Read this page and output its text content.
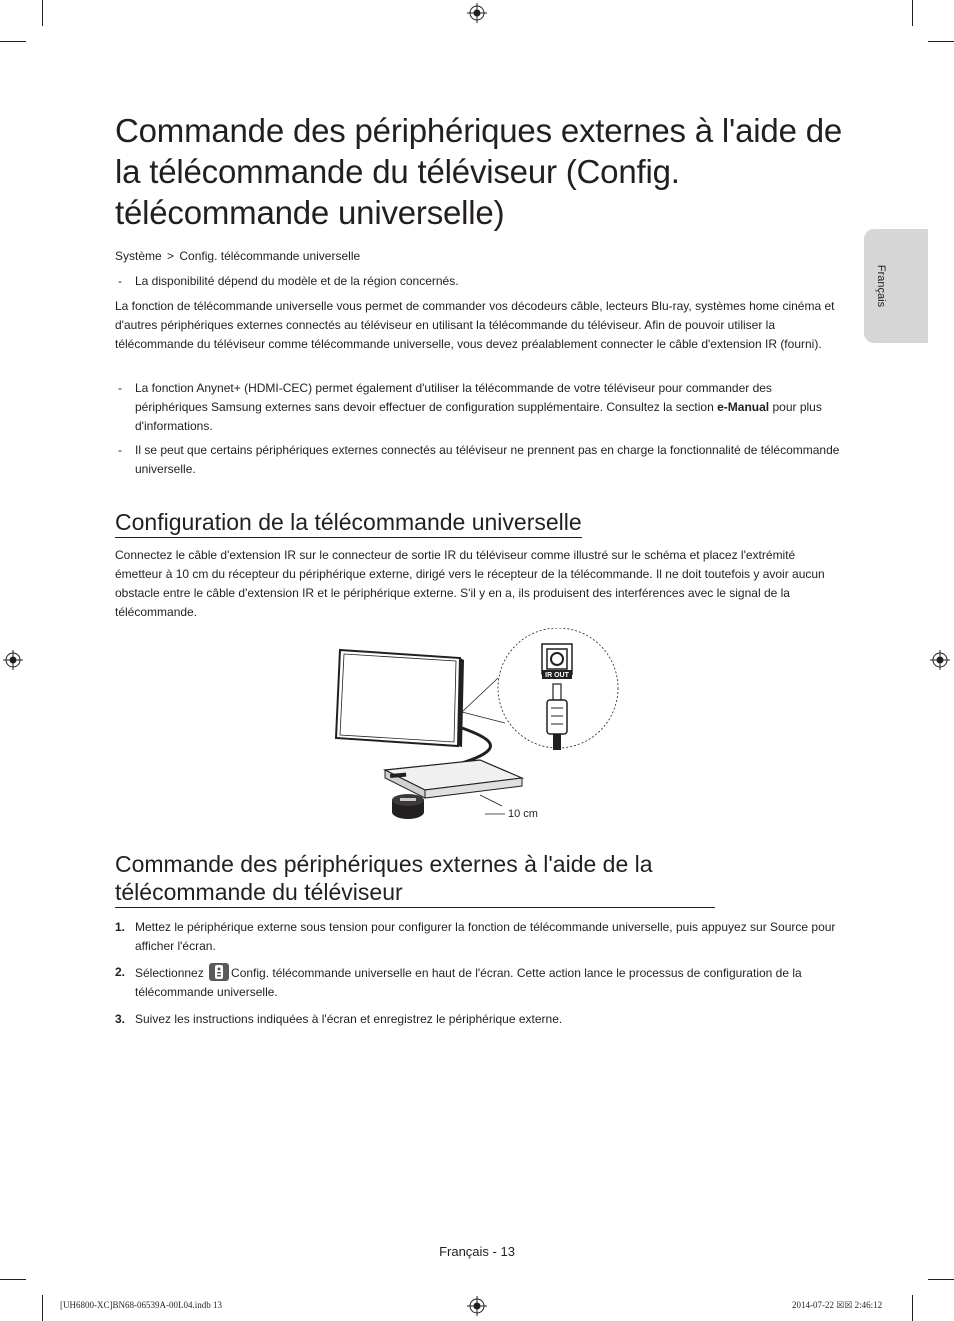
Français
Commande des périphériques externes à l'aide de la télécommande du téléviseur (Config. télécommande universelle)
Système > Config. télécommande universelle
- La disponibilité dépend du modèle et de la région concernés.

La fonction de télécommande universelle vous permet de commander vos décodeurs câble, lecteurs Blu-ray, systèmes home cinéma et d'autres périphériques externes connectés au téléviseur en utilisant la télécommande du téléviseur. Afin de pouvoir utiliser la télécommande du téléviseur comme télécommande universelle, vous devez préalablement connecter le câble d'extension IR (fourni).

- La fonction Anynet+ (HDMI-CEC) permet également d'utiliser la télécommande de votre téléviseur pour commander des périphériques Samsung externes sans devoir effectuer de configuration supplémentaire. Consultez la section e-Manual pour plus d'informations.
- Il se peut que certains périphériques externes connectés au téléviseur ne prennent pas en charge la fonctionnalité de télécommande universelle.
Configuration de la télécommande universelle

Connectez le câble d'extension IR sur le connecteur de sortie IR du téléviseur comme illustré sur le schéma et placez l'extrémité émetteur à 10 cm du récepteur du périphérique externe, dirigé vers le récepteur de la télécommande. Il ne doit toutefois y avoir aucun obstacle entre le câble d'extension IR et le périphérique externe. S'il y en a, ils produisent des interférences avec le signal de la télécommande.

10 cm
IR OUT
Commande des périphériques externes à l'aide de la télécommande du téléviseur
1. Mettez le périphérique externe sous tension pour configurer la fonction de télécommande universelle, puis appuyez sur Source pour afficher l'écran.
2. Sélectionnez Config. télécommande universelle en haut de l'écran. Cette action lance le processus de configuration de la télécommande universelle.
3. Suivez les instructions indiquées à l'écran et enregistrez le périphérique externe.
Français - 13
[UH6800-XC]BN68-06539A-00L04.indb 13	2014-07-22 ☒☒ 2:46:12
